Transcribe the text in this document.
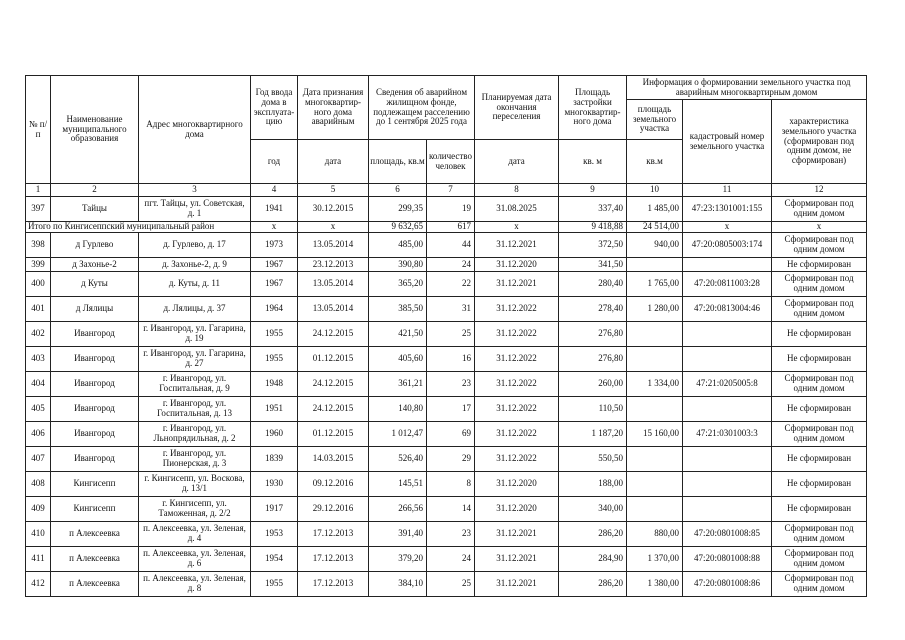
№ п/п	Наименование муниципального образования	Адрес многоквартирного дома	Год ввода дома в эксплуата-цию	Дата признания многоквартир-ного дома аварийным	Сведения об аварийном жилищном фонде, подлежащем расселению до 1 сентября 2025 года		Планируемая дата окончания переселения	Площадь застройки многоквартир-ного дома	Информация о формировании земельного участка под аварийным многоквартирным домом		
									площадь земельного участка	кадастровый номер земельного участка	характеристика земельного участка (сформирован под одним домом, не сформирован)
			год	дата	площадь, кв.м	количество человек	дата	кв. м	кв.м		
1	2	3	4	5	6	7	8	9	10	11	12
397	Тайцы	пгт. Тайцы, ул. Советская, д. 1	1941	30.12.2015	299,35	19	31.08.2025	337,40	1 485,00	47:23:1301001:155	Сформирован под одним домом
Итого по Кингисеппский муниципальный район			х	х	9 632,65	617	х	9 418,88	24 514,00	х	х
398	д Гурлево	д. Гурлево, д. 17	1973	13.05.2014	485,00	44	31.12.2021	372,50	940,00	47:20:0805003:174	Сформирован под одним домом
399	д Захонье-2	д. Захонье-2, д. 9	1967	23.12.2013	390,80	24	31.12.2020	341,50			Не сформирован
400	д Куты	д. Куты, д. 11	1967	13.05.2014	365,20	22	31.12.2021	280,40	1 765,00	47:20:0811003:28	Сформирован под одним домом
401	д Лялицы	д. Лялицы, д. 37	1964	13.05.2014	385,50	31	31.12.2022	278,40	1 280,00	47:20:0813004:46	Сформирован под одним домом
402	Ивангород	г. Ивангород, ул. Гагарина, д. 19	1955	24.12.2015	421,50	25	31.12.2022	276,80			Не сформирован
403	Ивангород	г. Ивангород, ул. Гагарина, д. 27	1955	01.12.2015	405,60	16	31.12.2022	276,80			Не сформирован
404	Ивангород	г. Ивангород, ул. Госпитальная, д. 9	1948	24.12.2015	361,21	23	31.12.2022	260,00	1 334,00	47:21:0205005:8	Сформирован под одним домом
405	Ивангород	г. Ивангород, ул. Госпитальная, д. 13	1951	24.12.2015	140,80	17	31.12.2022	110,50			Не сформирован
406	Ивангород	г. Ивангород, ул. Льнопрядильная, д. 2	1960	01.12.2015	1 012,47	69	31.12.2022	1 187,20	15 160,00	47:21:0301003:3	Сформирован под одним домом
407	Ивангород	г. Ивангород, ул. Пионерская, д. 3	1839	14.03.2015	526,40	29	31.12.2022	550,50			Не сформирован
408	Кингисепп	г. Кингисепп, ул. Воскова, д. 13/1	1930	09.12.2016	145,51	8	31.12.2020	188,00			Не сформирован
409	Кингисепп	г. Кингисепп, ул. Таможенная, д. 2/2	1917	29.12.2016	266,56	14	31.12.2020	340,00			Не сформирован
410	п Алексеевка	п. Алексеевка, ул. Зеленая, д. 4	1953	17.12.2013	391,40	23	31.12.2021	286,20	880,00	47:20:0801008:85	Сформирован под одним домом
411	п Алексеевка	п. Алексеевка, ул. Зеленая, д. 6	1954	17.12.2013	379,20	24	31.12.2021	284,90	1 370,00	47:20:0801008:88	Сформирован под одним домом
412	п Алексеевка	п. Алексеевка, ул. Зеленая, д. 8	1955	17.12.2013	384,10	25	31.12.2021	286,20	1 380,00	47:20:0801008:86	Сформирован под одним домом
